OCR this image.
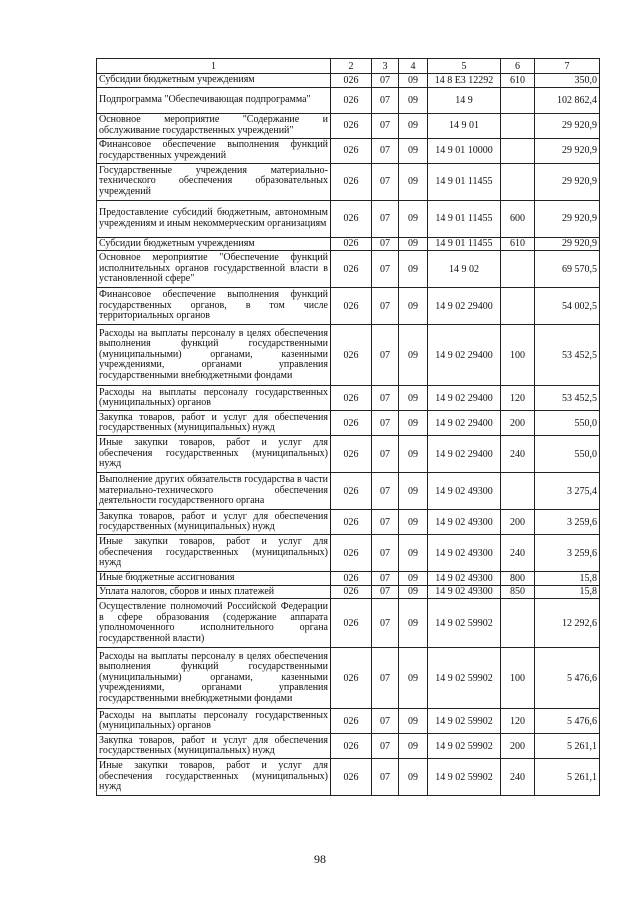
1	2	3	4	5	6	7
Субсидии бюджетным учреждениям	026	07	09	14 8 E3 12292	610	350,0
Подпрограмма "Обеспечивающая подпрограмма"	026	07	09	14 9		102 862,4
Основное мероприятие "Содержание и обслуживание государственных учреждений"	026	07	09	14 9 01		29 920,9
Финансовое обеспечение выполнения функций государственных учреждений	026	07	09	14 9 01 10000		29 920,9
Государственные учреждения материально-технического обеспечения образовательных учреждений	026	07	09	14 9 01 11455		29 920,9
Предоставление субсидий бюджетным, автономным учреждениям и иным некоммерческим организациям	026	07	09	14 9 01 11455	600	29 920,9
Субсидии бюджетным учреждениям	026	07	09	14 9 01 11455	610	29 920,9
Основное мероприятие "Обеспечение функций исполнительных органов государственной власти в установленной сфере"	026	07	09	14 9 02		69 570,5
Финансовое обеспечение выполнения функций государственных органов, в том числе территориальных органов	026	07	09	14 9 02 29400		54 002,5
Расходы на выплаты персоналу в целях обеспечения выполнения функций государственными (муниципальными) органами, казенными учреждениями, органами управления государственными внебюджетными фондами	026	07	09	14 9 02 29400	100	53 452,5
Расходы на выплаты персоналу государственных (муниципальных) органов	026	07	09	14 9 02 29400	120	53 452,5
Закупка товаров, работ и услуг для обеспечения государственных (муниципальных) нужд	026	07	09	14 9 02 29400	200	550,0
Иные закупки товаров, работ и услуг для обеспечения государственных (муниципальных) нужд	026	07	09	14 9 02 29400	240	550,0
Выполнение других обязательств государства в части материально-технического обеспечения деятельности государственного органа	026	07	09	14 9 02 49300		3 275,4
Закупка товаров, работ и услуг для обеспечения государственных (муниципальных) нужд	026	07	09	14 9 02 49300	200	3 259,6
Иные закупки товаров, работ и услуг для обеспечения государственных (муниципальных) нужд	026	07	09	14 9 02 49300	240	3 259,6
Иные бюджетные ассигнования	026	07	09	14 9 02 49300	800	15,8
Уплата налогов, сборов и иных платежей	026	07	09	14 9 02 49300	850	15,8
Осуществление полномочий Российской Федерации в сфере образования (содержание аппарата уполномоченного исполнительного органа государственной власти)	026	07	09	14 9 02 59902		12 292,6
Расходы на выплаты персоналу в целях обеспечения выполнения функций государственными (муниципальными) органами, казенными учреждениями, органами управления государственными внебюджетными фондами	026	07	09	14 9 02 59902	100	5 476,6
Расходы на выплаты персоналу государственных (муниципальных) органов	026	07	09	14 9 02 59902	120	5 476,6
Закупка товаров, работ и услуг для обеспечения государственных (муниципальных) нужд	026	07	09	14 9 02 59902	200	5 261,1
Иные закупки товаров, работ и услуг для обеспечения государственных (муниципальных) нужд	026	07	09	14 9 02 59902	240	5 261,1
98
